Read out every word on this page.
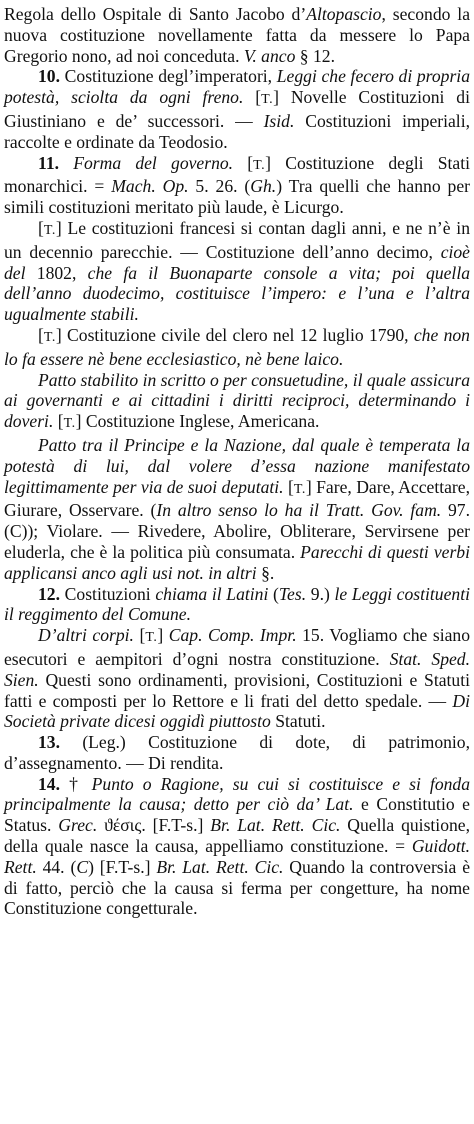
Regola dello Ospitale di Santo Jacobo d’Altopascio, secondo la nuova costituzione novellamente fatta da messere lo Papa Gregorio nono, ad noi conceduta. V. anco § 12.

10. Costituzione degl’imperatori, Leggi che fecero di propria potestà, sciolta da ogni freno. [T.] Novelle Costituzioni di Giustiniano e de’ successori. — Isid. Costituzioni imperiali, raccolte e ordinate da Teodosio.

11. Forma del governo. [T.] Costituzione degli Stati monarchici. = Mach. Op. 5. 26. (Gh.) Tra quelli che hanno per simili costituzioni meritato più laude, è Licurgo.

[T.] Le costituzioni francesi si contan dagli anni, e ne n’è in un decennio parecchie. — Costituzione dell’anno decimo, cioè del 1802, che fa il Buonaparte console a vita; poi quella dell’anno duodecimo, costituisce l’impero: e l’una e l’altra ugualmente stabili.

[T.] Costituzione civile del clero nel 12 luglio 1790, che non lo fa essere nè bene ecclesiastico, nè bene laico.

Patto stabilito in scritto o per consuetudine, il quale assicura ai governanti e ai cittadini i diritti reciproci, determinando i doveri. [T.] Costituzione Inglese, Americana.

Patto tra il Principe e la Nazione, dal quale è temperata la potestà di lui, dal volere d’essa nazione manifestato legittimamente per via de suoi deputati. [T.] Fare, Dare, Accettare, Giurare, Osservare. (In altro senso lo ha il Tratt. Gov. fam. 97. (C)); Violare. — Rivedere, Abolire, Obliterare, Servirsene per eluderla, che è la politica più consumata. Parecchi di questi verbi applicansi anco agli usi not. in altri §.

12. Costituzioni chiama il Latini (Tes. 9.) le Leggi costituenti il reggimento del Comune.

D’altri corpi. [T.] Cap. Comp. Impr. 15. Vogliamo che siano esecutori e aempitori d’ogni nostra constituzione. Stat. Sped. Sien. Questi sono ordinamenti, provisioni, Costituzioni e Statuti fatti e composti per lo Rettore e li frati del detto spedale. — Di Società private dicesi oggidì piuttosto Statuti.

13. (Leg.) Costituzione di dote, di patrimonio, d’assegnamento. — Di rendita.

14. † Punto o Ragione, su cui si costituisce e si fonda principalmente la causa; detto per ciò da’ Lat. e Constitutio e Status. Grec. ϑέσις. [F.T-s.] Br. Lat. Rett. Cic. Quella quistione, della quale nasce la causa, appelliamo constituzione. = Guidott. Rett. 44. (C) [F.T-s.] Br. Lat. Rett. Cic. Quando la controversia è di fatto, perciò che la causa si ferma per congetture, ha nome Constituzione congetturale.
